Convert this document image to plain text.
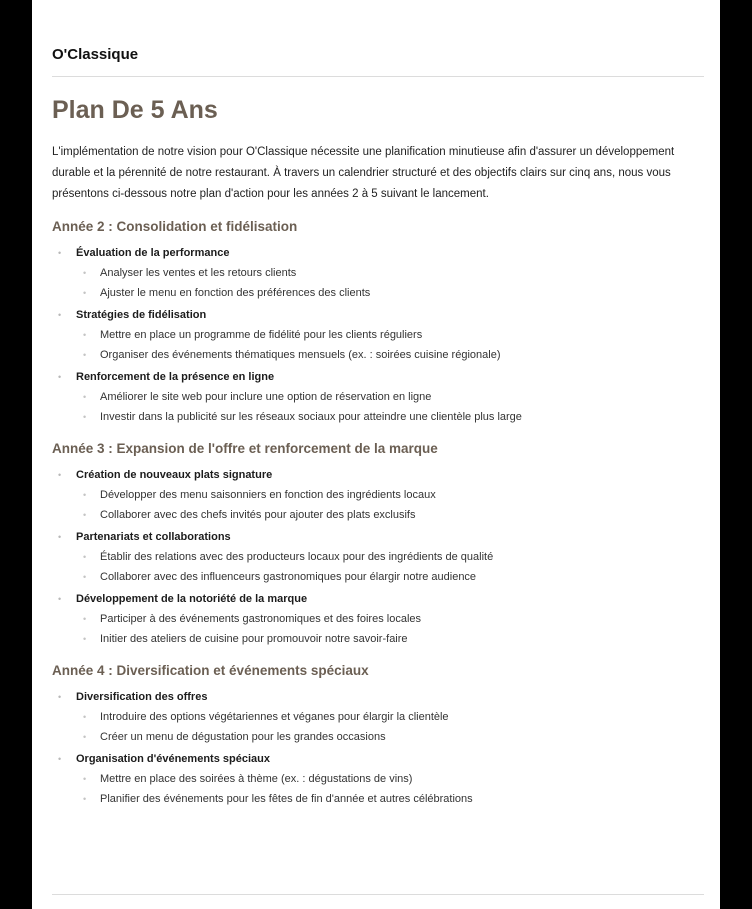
O'Classique
Plan De 5 Ans

L'implémentation de notre vision pour O'Classique nécessite une planification minutieuse afin d'assurer un développement durable et la pérennité de notre restaurant. À travers un calendrier structuré et des objectifs clairs sur cinq ans, nous vous présentons ci-dessous notre plan d'action pour les années 2 à 5 suivant le lancement.

Année 2 : Consolidation et fidélisation
• Évaluation de la performance
• Analyser les ventes et les retours clients
• Ajuster le menu en fonction des préférences des clients
• Stratégies de fidélisation
• Mettre en place un programme de fidélité pour les clients réguliers
• Organiser des événements thématiques mensuels (ex. : soirées cuisine régionale)
• Renforcement de la présence en ligne
• Améliorer le site web pour inclure une option de réservation en ligne
• Investir dans la publicité sur les réseaux sociaux pour atteindre une clientèle plus large
Année 3 : Expansion de l'offre et renforcement de la marque
• Création de nouveaux plats signature
• Développer des menu saisonniers en fonction des ingrédients locaux
• Collaborer avec des chefs invités pour ajouter des plats exclusifs
• Partenariats et collaborations
• Établir des relations avec des producteurs locaux pour des ingrédients de qualité
• Collaborer avec des influenceurs gastronomiques pour élargir notre audience
• Développement de la notoriété de la marque
• Participer à des événements gastronomiques et des foires locales
• Initier des ateliers de cuisine pour promouvoir notre savoir-faire
Année 4 : Diversification et événements spéciaux
• Diversification des offres
• Introduire des options végétariennes et véganes pour élargir la clientèle
• Créer un menu de dégustation pour les grandes occasions
• Organisation d'événements spéciaux
• Mettre en place des soirées à thème (ex. : dégustations de vins)
• Planifier des événements pour les fêtes de fin d'année et autres célébrations
